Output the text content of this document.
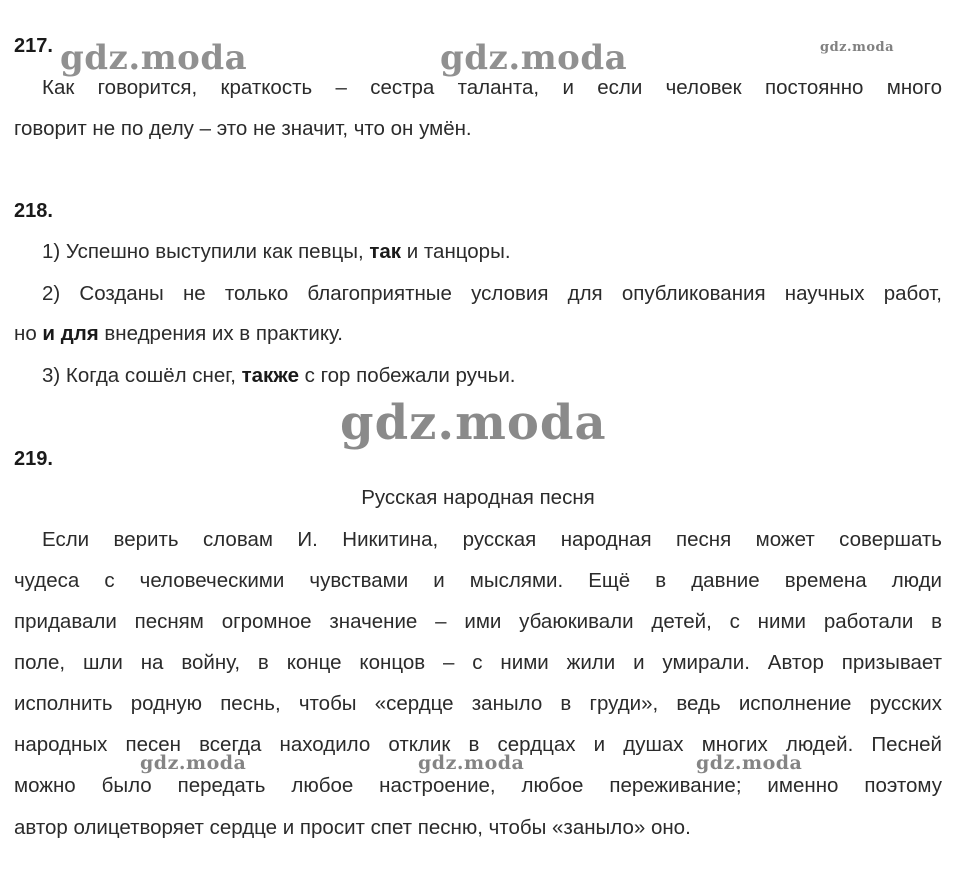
gdz.moda	gdz.moda	gdz.moda
gdz.moda
gdz.moda	gdz.moda	gdz.moda
217.
Как говорится, краткость – сестра таланта, и если человек постоянно много
говорит не по делу – это не значит, что он умён.
218.
1) Успешно выступили как певцы, так и танцоры.
2) Созданы не только благоприятные условия для опубликования научных работ,
но и для внедрения их в практику.
3) Когда сошёл снег, также с гор побежали ручьи.
219.
Русская народная песня
Если верить словам И. Никитина, русская народная песня может совершать
чудеса с человеческими чувствами и мыслями. Ещё в давние времена люди
придавали песням огромное значение – ими убаюкивали детей, с ними работали в
поле, шли на войну, в конце концов – с ними жили и умирали. Автор призывает
исполнить родную песнь, чтобы «сердце заныло в груди», ведь исполнение русских
народных песен всегда находило отклик в сердцах и душах многих людей. Песней
можно было передать любое настроение, любое переживание; именно поэтому
автор олицетворяет сердце и просит спет песню, чтобы «заныло» оно.
